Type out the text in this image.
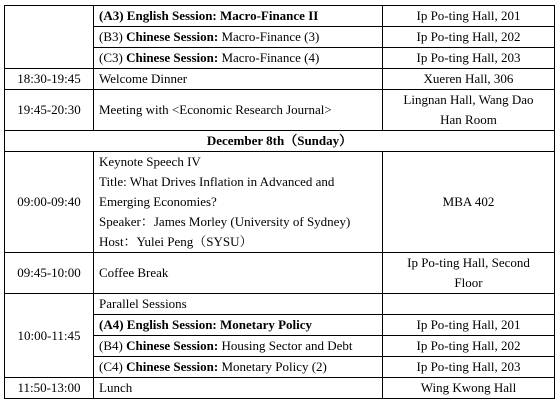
	(A3) English Session: Macro-Finance II	Ip Po-ting Hall, 201
	(B3) Chinese Session: Macro-Finance (3)	Ip Po-ting Hall, 202
	(C3) Chinese Session: Macro-Finance (4)	Ip Po-ting Hall, 203
18:30-19:45	Welcome Dinner	Xueren Hall, 306
19:45-20:30	Meeting with <Economic Research Journal>	Lingnan Hall, Wang Dao
Han Room

December 8th（Sunday）		
09:00-09:40	Keynote Speech IV
Title: What Drives Inflation in Advanced and
Emerging Economies?
Speaker：James Morley (University of Sydney)
Host：Yulei Peng（SYSU）	MBA 402
09:45-10:00	Coffee Break	Ip Po-ting Hall, Second
Floor

10:00-11:45	Parallel Sessions	
	(A4) English Session: Monetary Policy	Ip Po-ting Hall, 201
	(B4) Chinese Session: Housing Sector and Debt	Ip Po-ting Hall, 202
	(C4) Chinese Session: Monetary Policy (2)	Ip Po-ting Hall, 203
11:50-13:00	Lunch	Wing Kwong Hall
